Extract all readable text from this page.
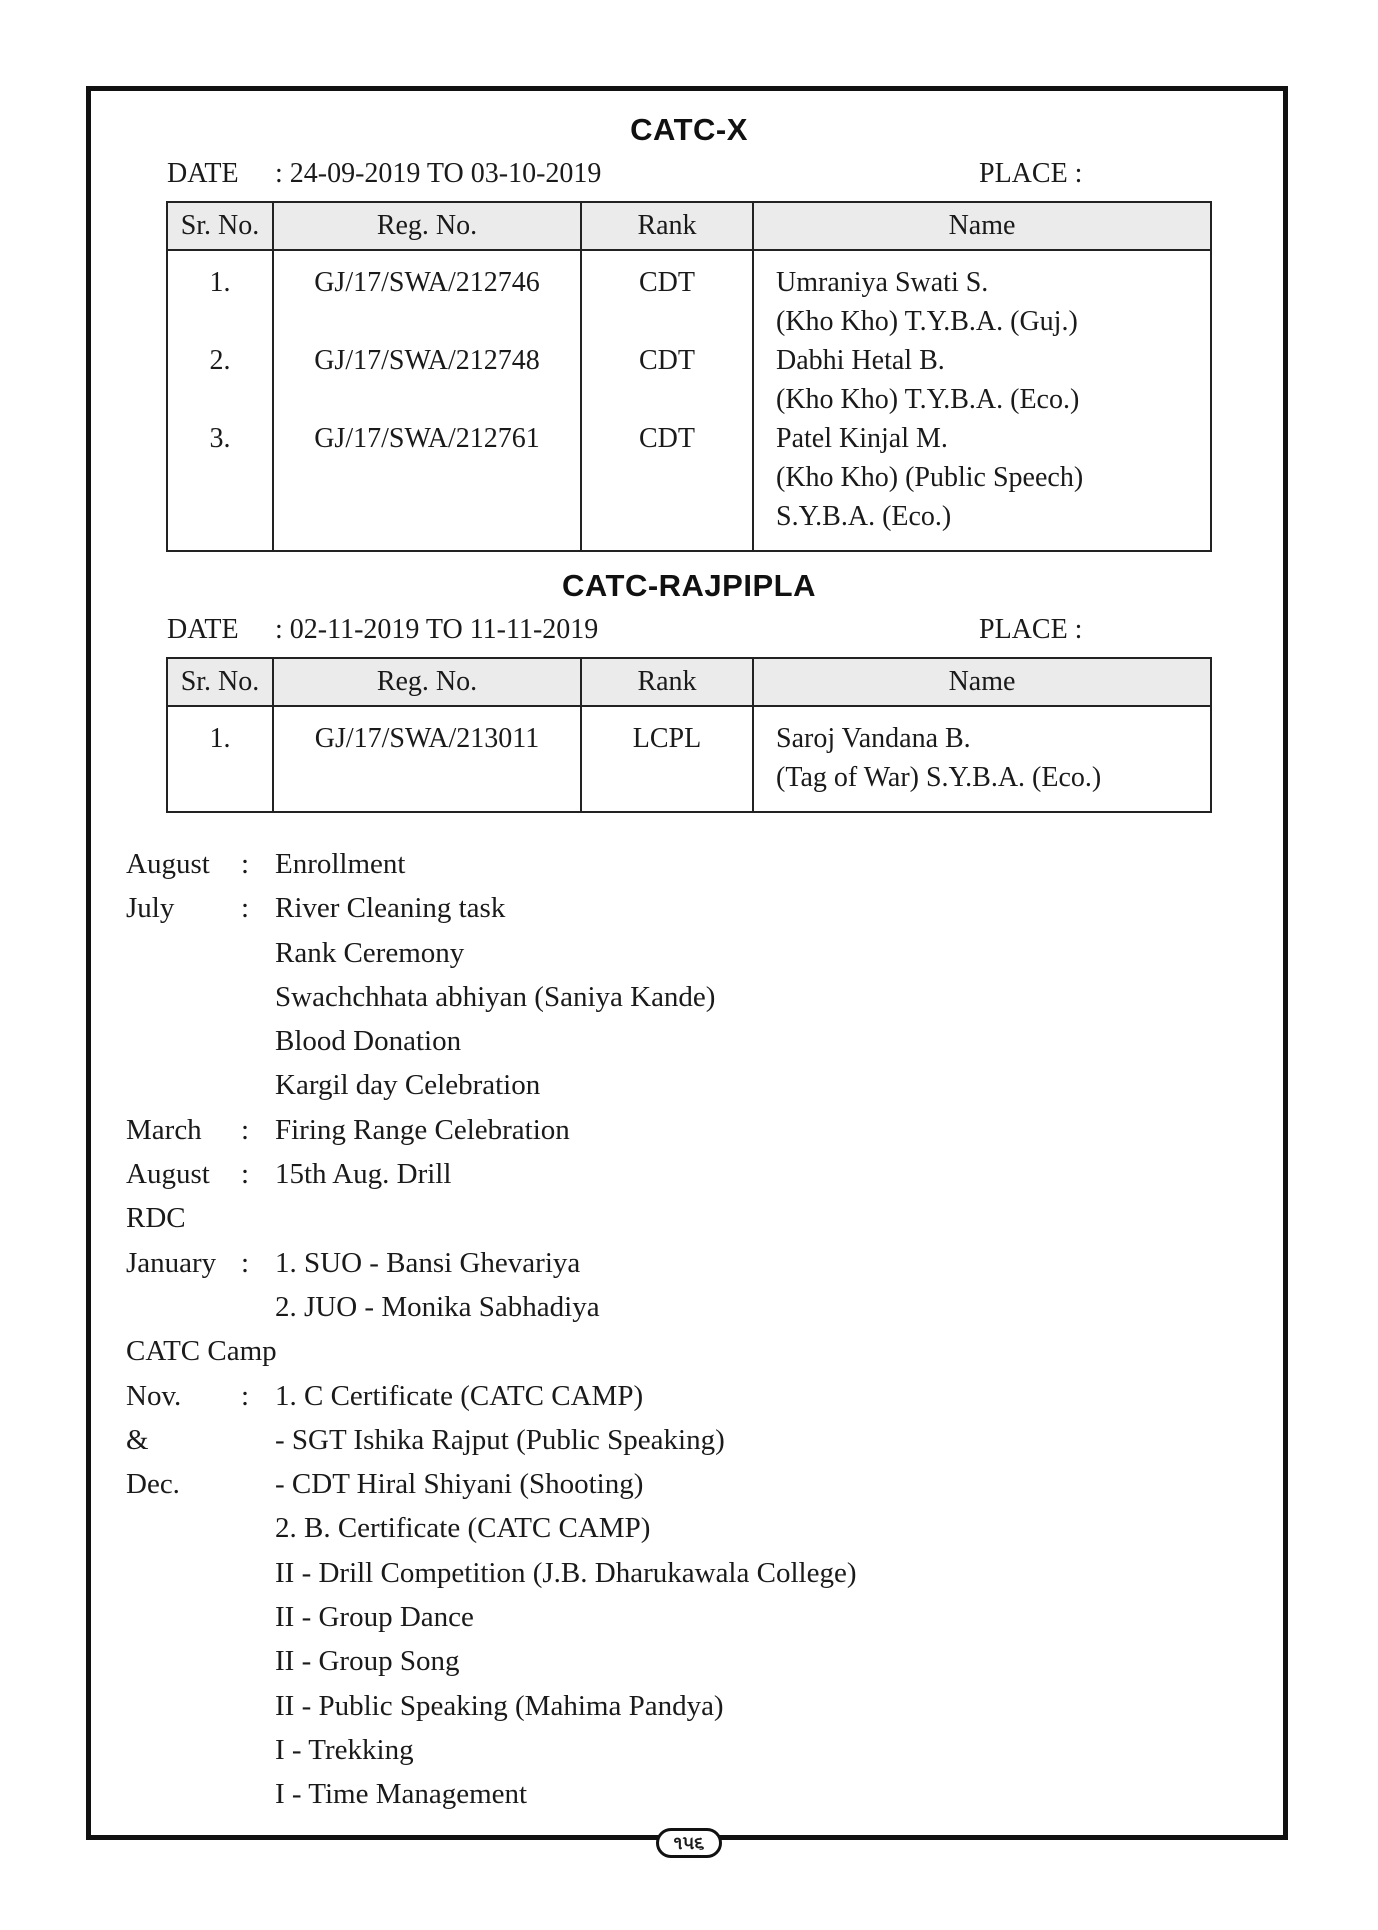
CATC-X
DATE : 24-09-2019 TO 03-10-2019	PLACE :
Sr. No.	Reg. No.	Rank	Name
1.	GJ/17/SWA/212746	CDT	Umraniya Swati S.
(Kho Kho) T.Y.B.A. (Guj.)

2.	GJ/17/SWA/212748	CDT	Dabhi Hetal B.
(Kho Kho) T.Y.B.A. (Eco.)

3.	GJ/17/SWA/212761	CDT	Patel Kinjal M.
(Kho Kho) (Public Speech)
S.Y.B.A. (Eco.)
CATC-RAJPIPLA
DATE : 02-11-2019 TO 11-11-2019	PLACE :
Sr. No.	Reg. No.	Rank	Name
1.	GJ/17/SWA/213011	LCPL	Saroj Vandana B.
(Tag of War) S.Y.B.A. (Eco.)
August : Enrollment
July : River Cleaning task
Rank Ceremony
Swachchhata abhiyan (Saniya Kande)
Blood Donation
Kargil day Celebration
March : Firing Range Celebration
August : 15th Aug. Drill
RDC
January : 1. SUO - Bansi Ghevariya
2. JUO - Monika Sabhadiya
CATC Camp
Nov. : 1. C Certificate (CATC CAMP)
&	- SGT Ishika Rajput (Public Speaking)
Dec.	- CDT Hiral Shiyani (Shooting)
2. B. Certificate (CATC CAMP)
II - Drill Competition (J.B. Dharukawala College)
II - Group Dance
II - Group Song
II - Public Speaking (Mahima Pandya)
I - Trekking
I - Time Management
૧૫૬
